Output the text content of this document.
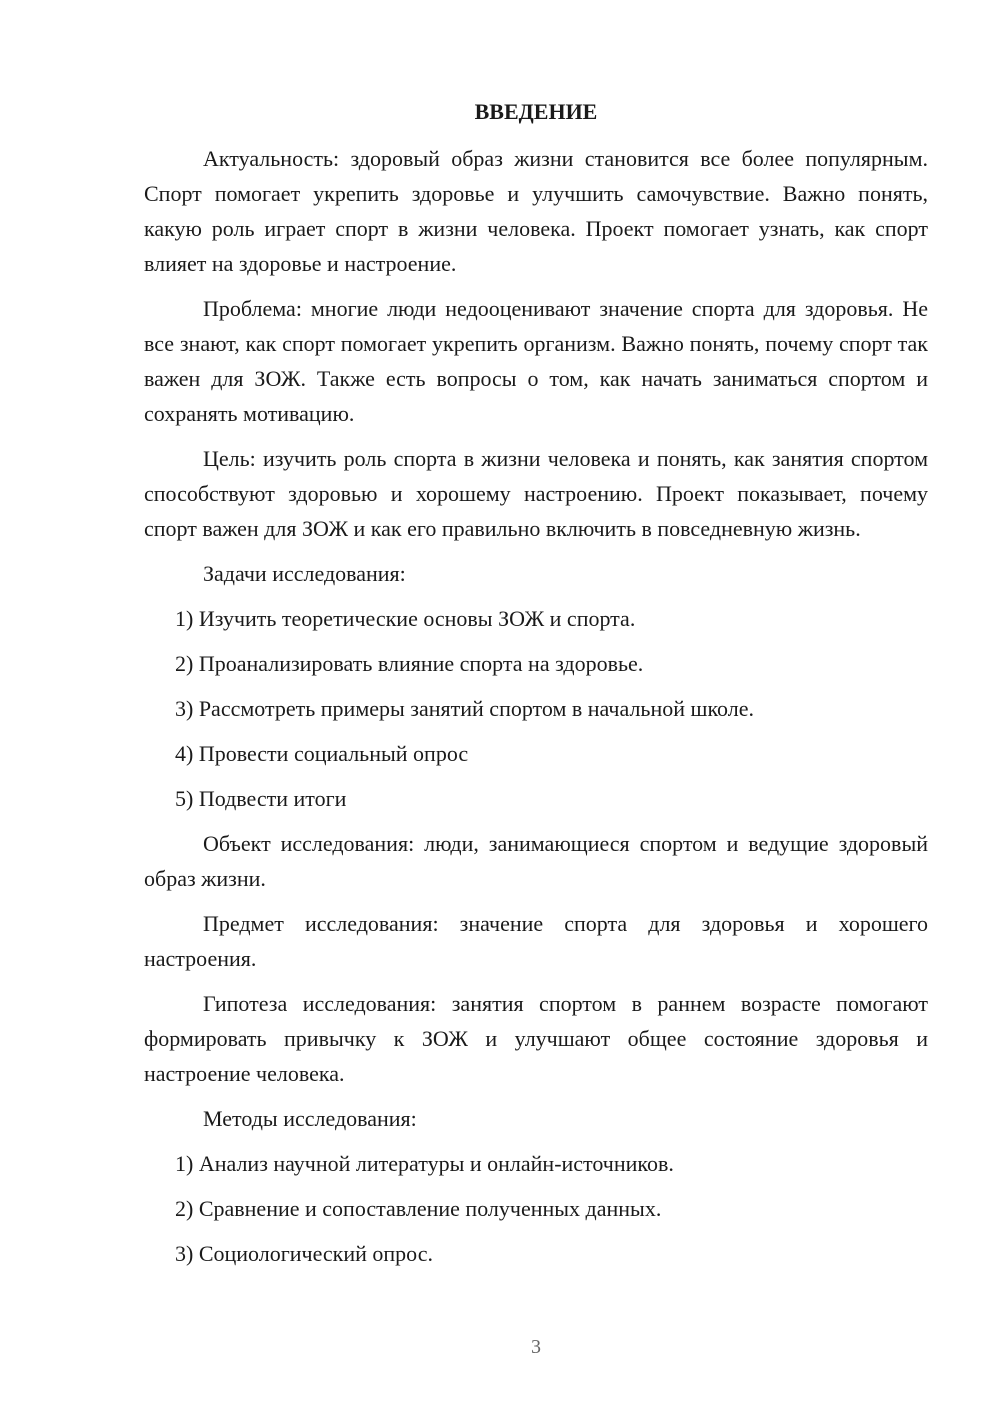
ВВЕДЕНИЕ

Актуальность: здоровый образ жизни становится все более популярным. Спорт помогает укрепить здоровье и улучшить самочувствие. Важно понять, какую роль играет спорт в жизни человека. Проект помогает узнать, как спорт влияет на здоровье и настроение.

Проблема: многие люди недооценивают значение спорта для здоровья. Не все знают, как спорт помогает укрепить организм. Важно понять, почему спорт так важен для ЗОЖ. Также есть вопросы о том, как начать заниматься спортом и сохранять мотивацию.

Цель: изучить роль спорта в жизни человека и понять, как занятия спортом способствуют здоровью и хорошему настроению. Проект показывает, почему спорт важен для ЗОЖ и как его правильно включить в повседневную жизнь.

Задачи исследования:

1) Изучить теоретические основы ЗОЖ и спорта.

2) Проанализировать влияние спорта на здоровье.

3) Рассмотреть примеры занятий спортом в начальной школе.

4) Провести социальный опрос

5) Подвести итоги

Объект исследования: люди, занимающиеся спортом и ведущие здоровый образ жизни.

Предмет исследования: значение спорта для здоровья и хорошего настроения.

Гипотеза исследования: занятия спортом в раннем возрасте помогают формировать привычку к ЗОЖ и улучшают общее состояние здоровья и настроение человека.

Методы исследования:

1) Анализ научной литературы и онлайн-источников.

2) Сравнение и сопоставление полученных данных.

3) Социологический опрос.

3
